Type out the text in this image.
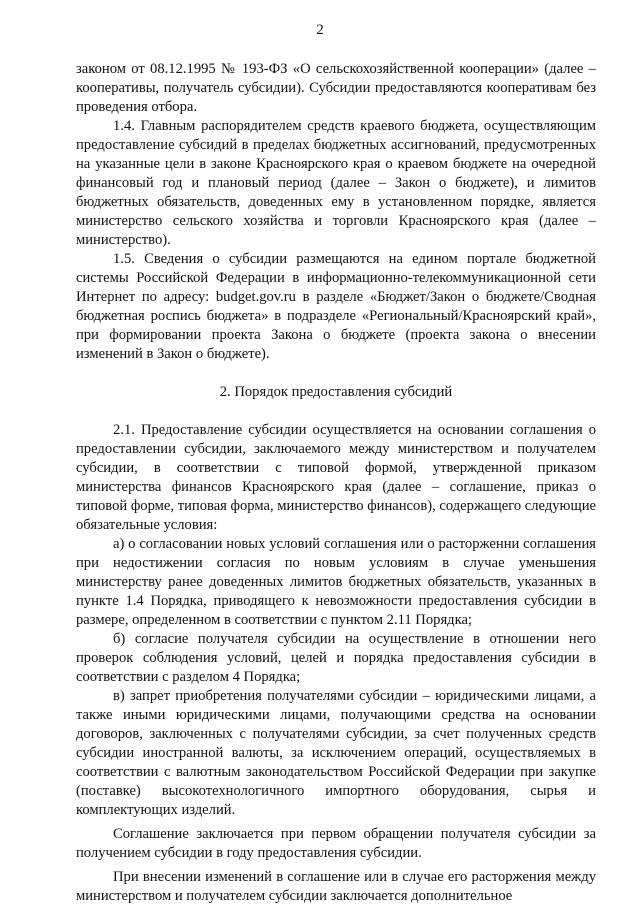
2

законом от 08.12.1995 № 193-ФЗ «О сельскохозяйственной кооперации» (далее – кооперативы, получатель субсидии). Субсидии предоставляются кооперативам без проведения отбора.

1.4. Главным распорядителем средств краевого бюджета, осуществляющим предоставление субсидий в пределах бюджетных ассигнований, предусмотренных на указанные цели в законе Красноярского края о краевом бюджете на очередной финансовый год и плановый период (далее – Закон о бюджете), и лимитов бюджетных обязательств, доведенных ему в установленном порядке, является министерство сельского хозяйства и торговли Красноярского края (далее – министерство).

1.5. Сведения о субсидии размещаются на едином портале бюджетной системы Российской Федерации в информационно-телекоммуникационной сети Интернет по адресу: budget.gov.ru в разделе «Бюджет/Закон о бюджете/Сводная бюджетная роспись бюджета» в подразделе «Региональный/Красноярский край», при формировании проекта Закона о бюджете (проекта закона о внесении изменений в Закон о бюджете).

2. Порядок предоставления субсидий

2.1. Предоставление субсидии осуществляется на основании соглашения о предоставлении субсидии, заключаемого между министерством и получателем субсидии, в соответствии с типовой формой, утвержденной приказом министерства финансов Красноярского края (далее – соглашение, приказ о типовой форме, типовая форма, министерство финансов), содержащего следующие обязательные условия:

а) о согласовании новых условий соглашения или о расторженни соглашения при недостижении согласия по новым условиям в случае уменьшения министерству ранее доведенных лимитов бюджетных обязательств, указанных в пункте 1.4 Порядка, приводящего к невозможности предоставления субсидии в размере, определенном в соответствии с пунктом 2.11 Порядка;

б) согласие получателя субсидии на осуществление в отношении него проверок соблюдения условий, целей и порядка предоставления субсидии в соответствии с разделом 4 Порядка;

в) запрет приобретения получателями субсидии – юридическими лицами, а также иными юридическими лицами, получающими средства на основании договоров, заключенных с получателями субсидии, за счет полученных средств субсидии иностранной валюты, за исключением операций, осуществляемых в соответствии с валютным законодательством Российской Федерации при закупке (поставке) высокотехнологичного импортного оборудования, сырья и комплектующих изделий.

Соглашение заключается при первом обращении получателя субсидии за получением субсидии в году предоставления субсидии.

При внесении изменений в соглашение или в случае его расторжения между министерством и получателем субсидии заключается дополнительное
